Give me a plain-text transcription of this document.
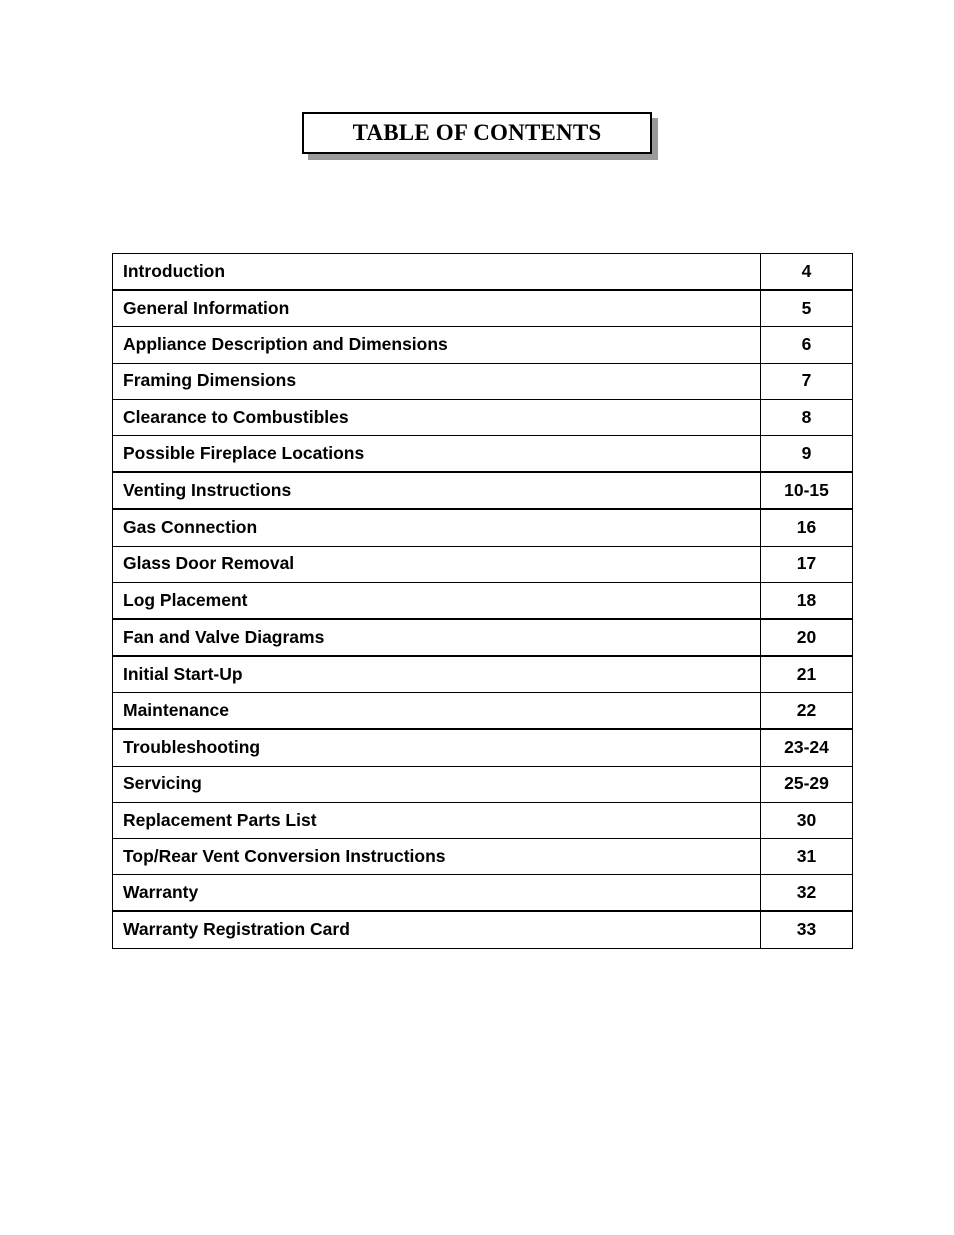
TABLE OF CONTENTS
Introduction	4
General Information	5
Appliance Description and Dimensions	6
Framing Dimensions	7
Clearance to Combustibles	8
Possible Fireplace Locations	9
Venting Instructions	10-15
Gas Connection	16
Glass Door Removal	17
Log Placement	18
Fan and Valve Diagrams	20
Initial Start-Up	21
Maintenance	22
Troubleshooting	23-24
Servicing	25-29
Replacement Parts List	30
Top/Rear Vent Conversion Instructions	31
Warranty	32
Warranty Registration Card	33
